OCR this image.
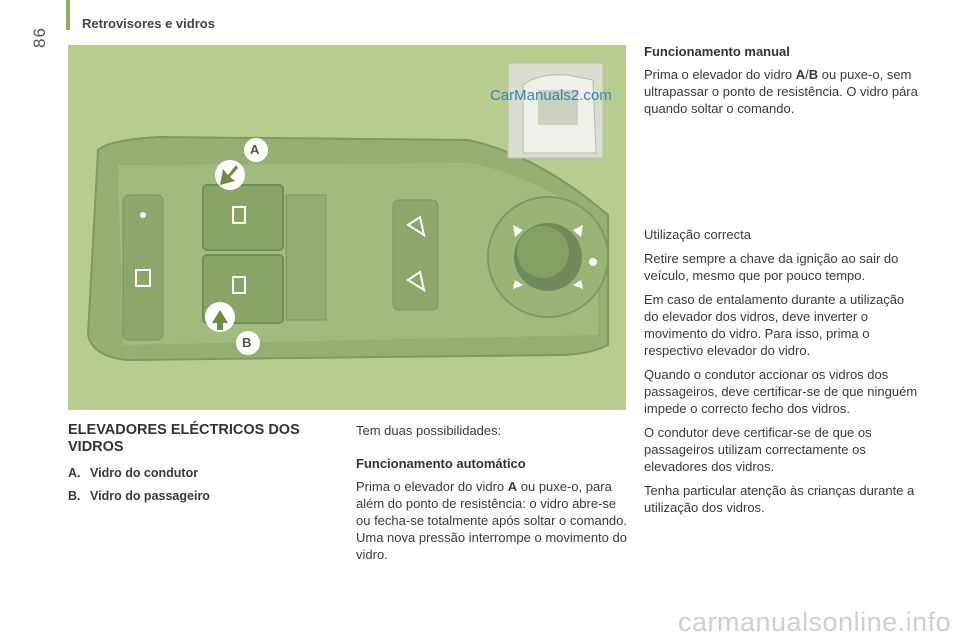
86
Retrovisores e vidros
A
B
CarManuals2.com
ELEVADORES ELÉCTRICOS DOS VIDROS
A. Vidro do condutor
B. Vidro do passageiro

Tem duas possibilidades:

Funcionamento automático

Prima o elevador do vidro A ou puxe-o, para além do ponto de resistência: o vidro abre-se ou fecha-se totalmente após soltar o comando. Uma nova pressão interrompe o movimento do vidro.

Funcionamento manual

Prima o elevador do vidro A/B ou puxe-o, sem ultrapassar o ponto de resistência. O vidro pára quando soltar o comando.

Utilização correcta

Retire sempre a chave da ignição ao sair do veículo, mesmo que por pouco tempo.

Em caso de entalamento durante a utilização do elevador dos vidros, deve inverter o movimento do vidro. Para isso, prima o respectivo elevador do vidro.

Quando o condutor accionar os vidros dos passageiros, deve certificar-se de que ninguém impede o correcto fecho dos vidros.

O condutor deve certificar-se de que os passageiros utilizam correctamente os elevadores dos vidros.

Tenha particular atenção às crianças durante a utilização dos vidros.

carmanualsonline.info
